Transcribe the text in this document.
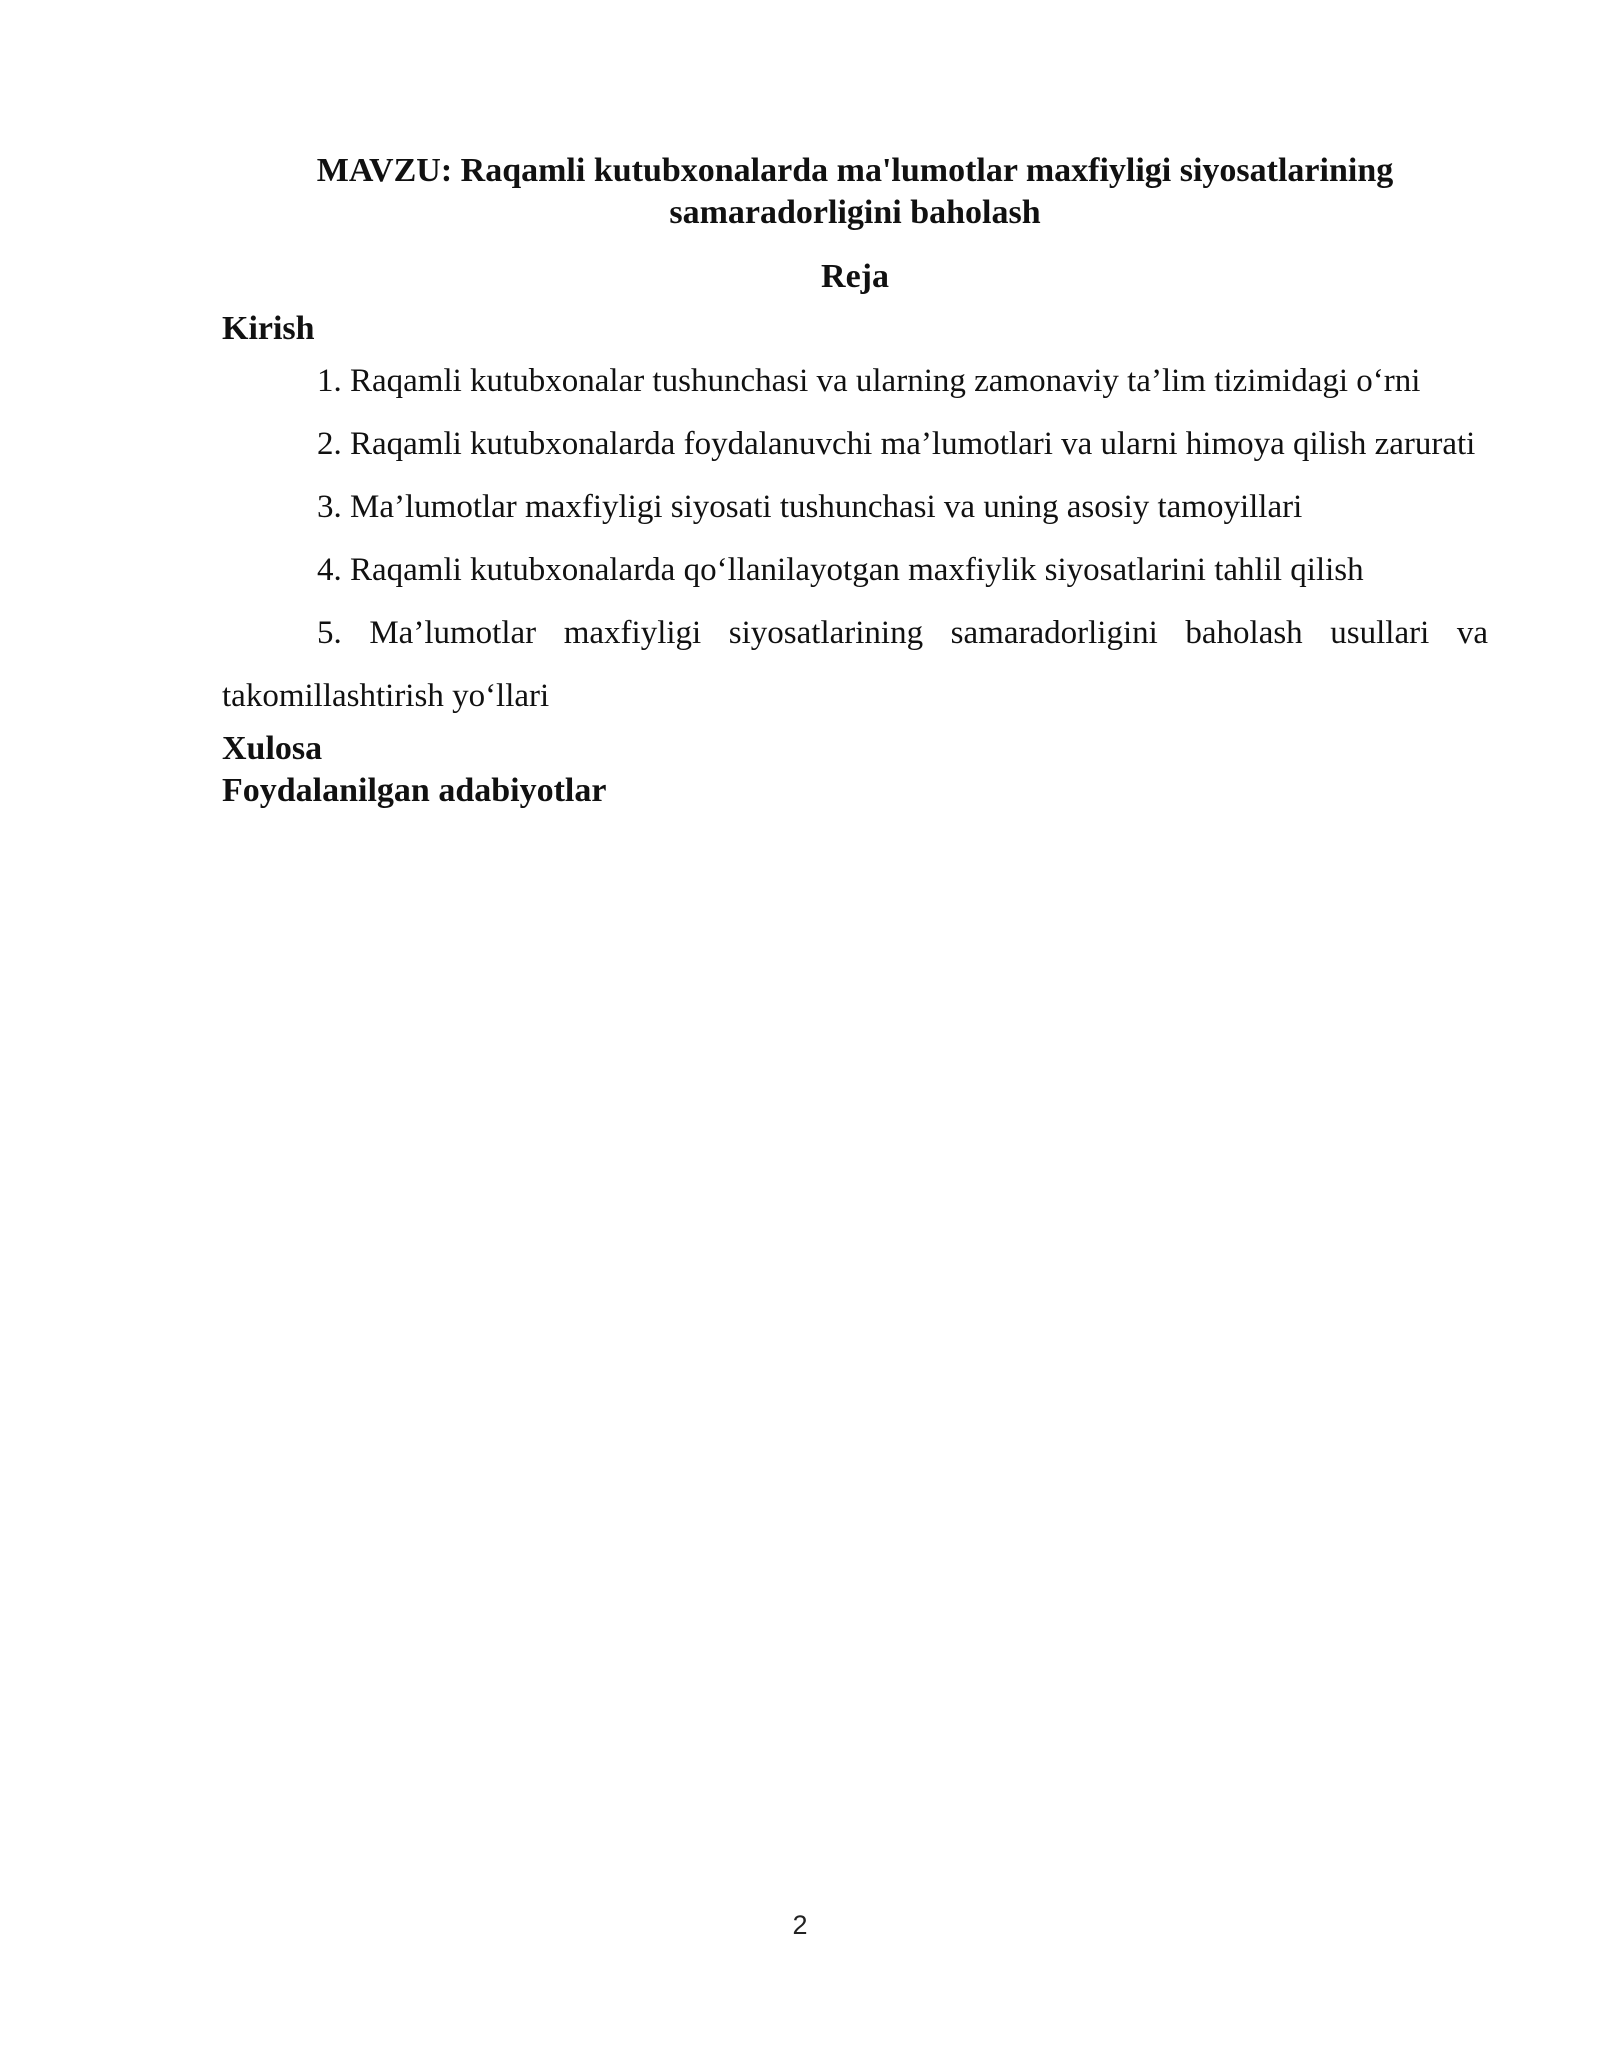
MAVZU: Raqamli kutubxonalarda ma'lumotlar maxfiyligi siyosatlarining samaradorligini baholash
Reja
Kirish

1. Raqamli kutubxonalar tushunchasi va ularning zamonaviy ta’lim tizimidagi o‘rni

2. Raqamli kutubxonalarda foydalanuvchi ma’lumotlari va ularni himoya qilish zarurati

3. Ma’lumotlar maxfiyligi siyosati tushunchasi va uning asosiy tamoyillari

4. Raqamli kutubxonalarda qo‘llanilayotgan maxfiylik siyosatlarini tahlil qilish

5. Ma’lumotlar maxfiyligi siyosatlarining samaradorligini baholash usullari va takomillashtirish yo‘llari

Xulosa
Foydalanilgan adabiyotlar
2
